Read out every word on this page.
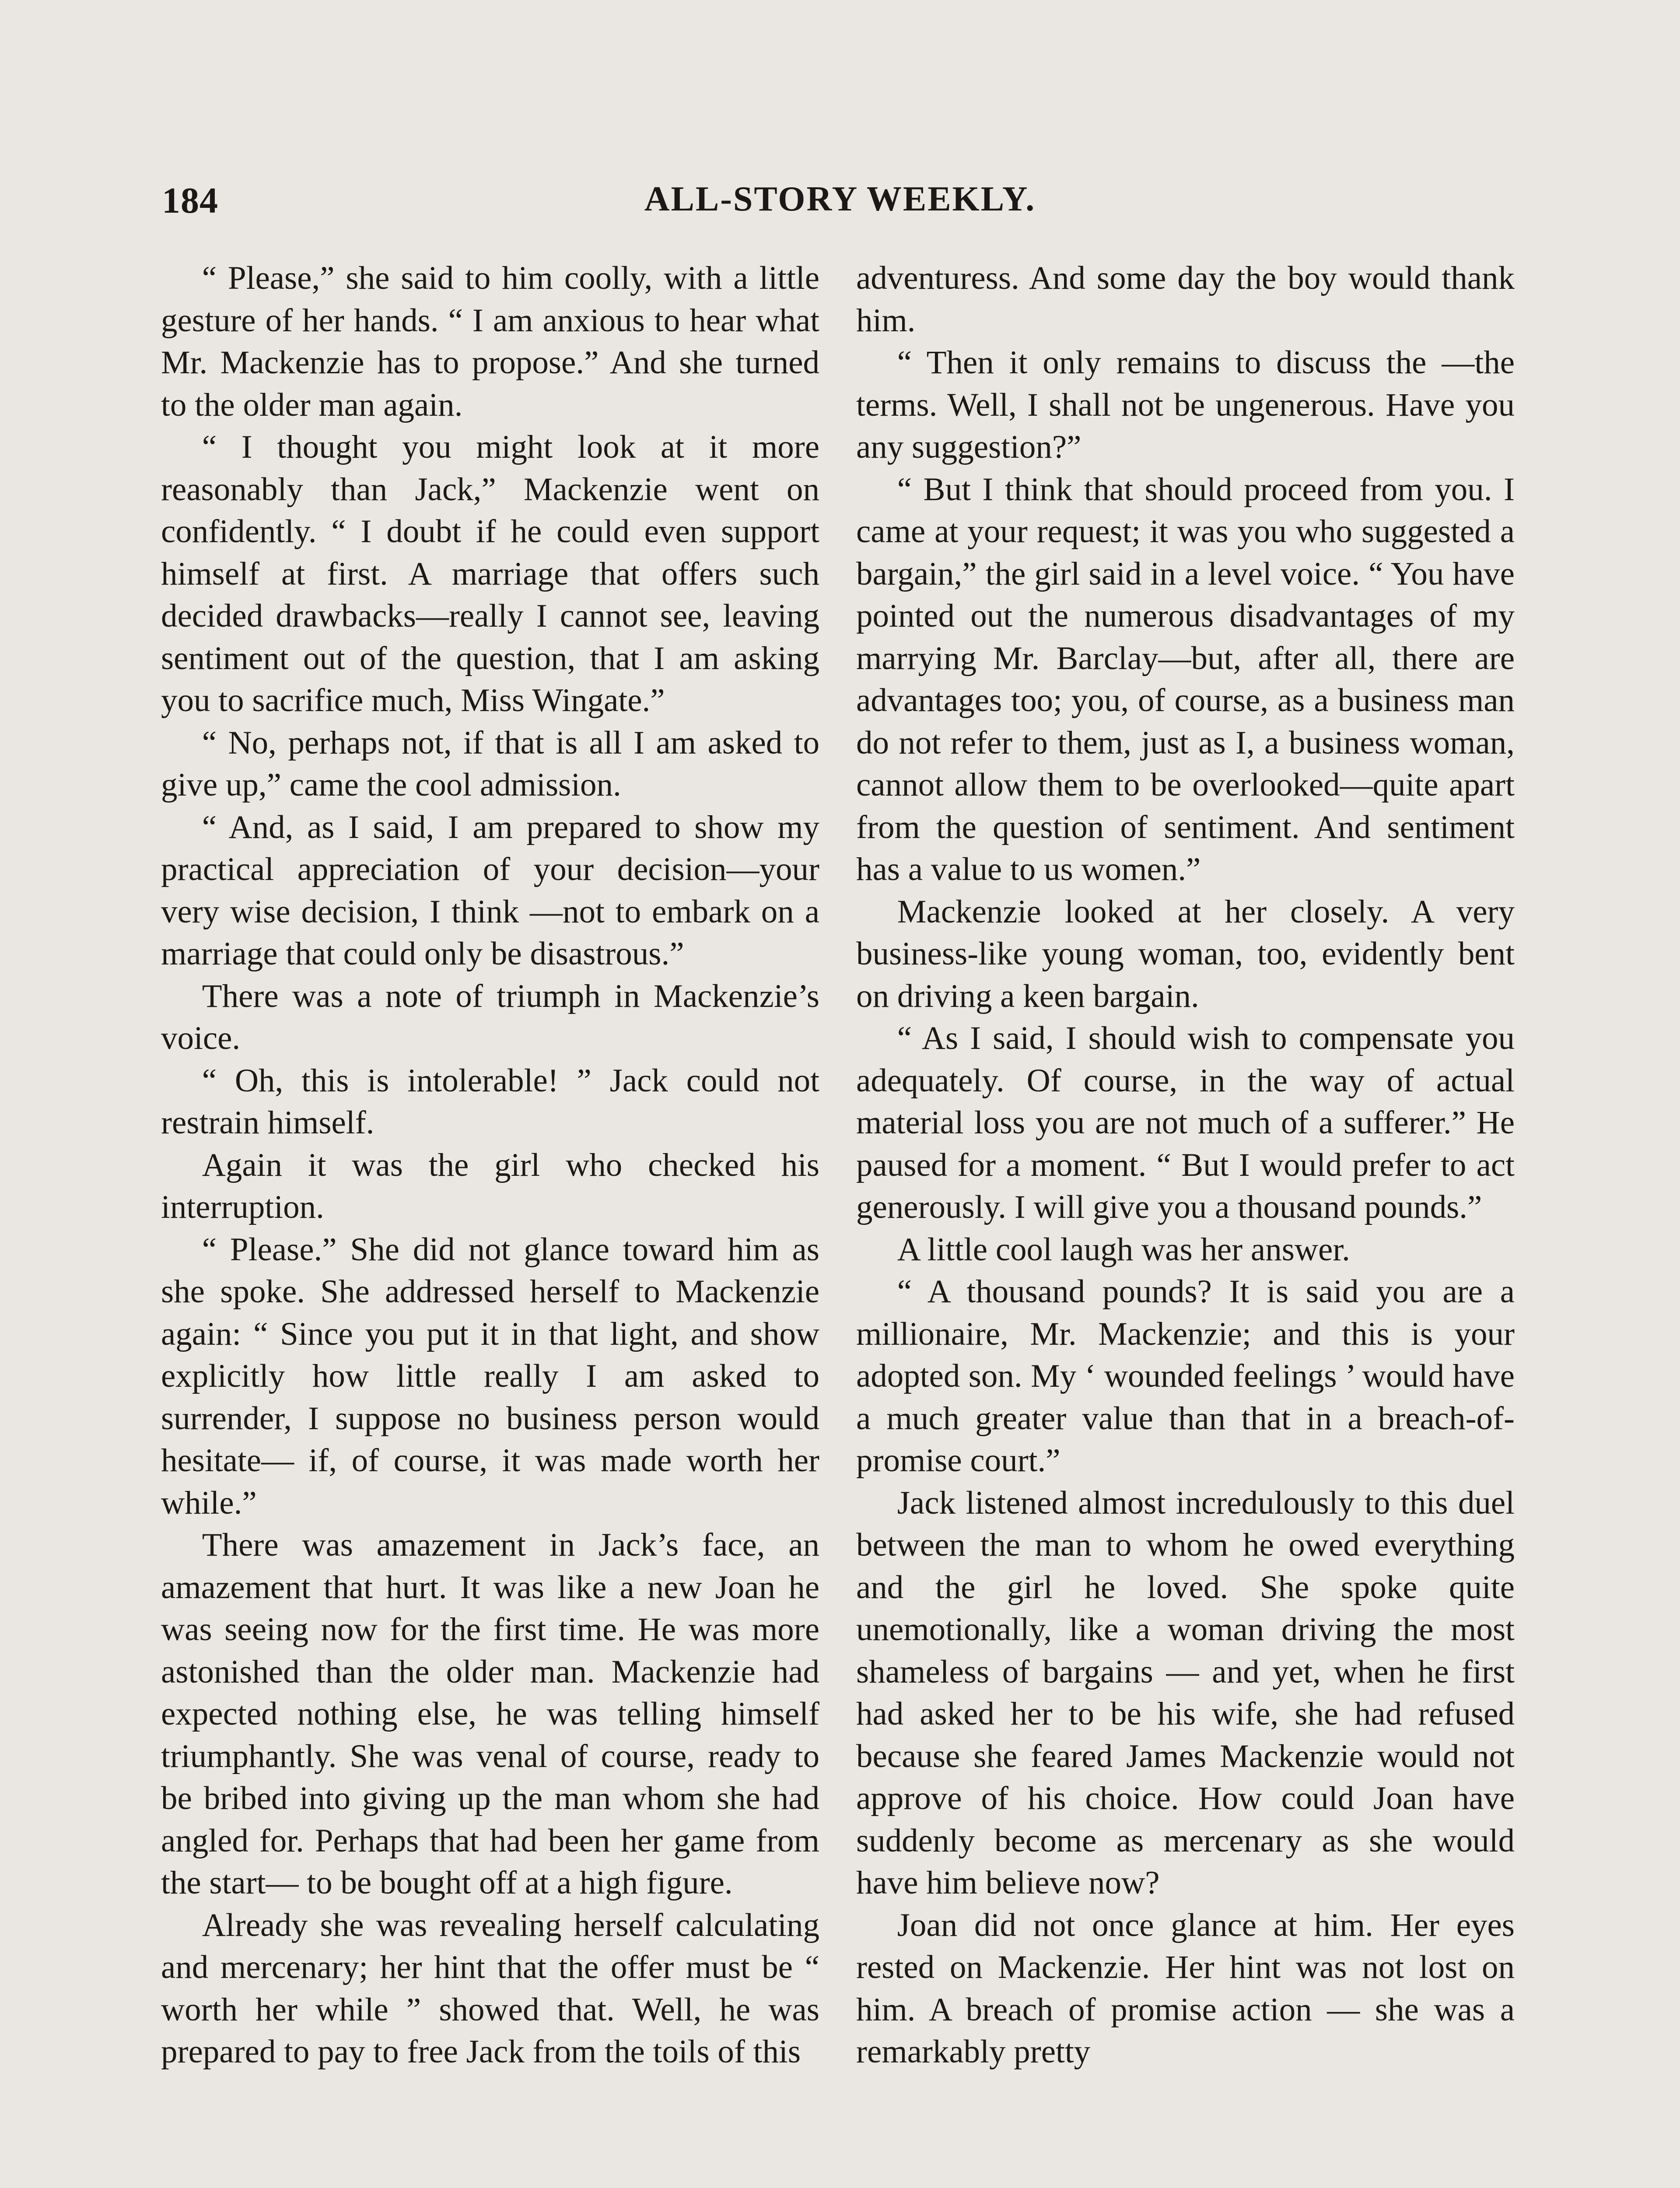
184	ALL-STORY WEEKLY.

“ Please,” she said to him coolly, with a little gesture of her hands. “ I am anxious to hear what Mr. Mackenzie has to propose.” And she turned to the older man again.

“ I thought you might look at it more reasonably than Jack,” Mackenzie went on confidently. “ I doubt if he could even support himself at first. A marriage that offers such decided drawbacks—really I cannot see, leaving sentiment out of the question, that I am asking you to sacrifice much, Miss Wingate.”

“ No, perhaps not, if that is all I am asked to give up,” came the cool admission.

“ And, as I said, I am prepared to show my practical appreciation of your decision—your very wise decision, I think —not to embark on a marriage that could only be disastrous.”

There was a note of triumph in Mackenzie’s voice.

“ Oh, this is intolerable! ” Jack could not restrain himself.

Again it was the girl who checked his interruption.

“ Please.” She did not glance toward him as she spoke. She addressed herself to Mackenzie again: “ Since you put it in that light, and show explicitly how little really I am asked to surrender, I suppose no business person would hesitate— if, of course, it was made worth her while.”

There was amazement in Jack’s face, an amazement that hurt. It was like a new Joan he was seeing now for the first time. He was more astonished than the older man. Mackenzie had expected nothing else, he was telling himself triumphantly. She was venal of course, ready to be bribed into giving up the man whom she had angled for. Perhaps that had been her game from the start— to be bought off at a high figure.

Already she was revealing herself calculating and mercenary; her hint that the offer must be “ worth her while ” showed that. Well, he was prepared to pay to free Jack from the toils of this

adventuress. And some day the boy would thank him.

“ Then it only remains to discuss the —the terms. Well, I shall not be ungenerous. Have you any suggestion?”

“ But I think that should proceed from you. I came at your request; it was you who suggested a bargain,” the girl said in a level voice. “ You have pointed out the numerous disadvantages of my marrying Mr. Barclay—but, after all, there are advantages too; you, of course, as a business man do not refer to them, just as I, a business woman, cannot allow them to be overlooked—quite apart from the question of sentiment. And sentiment has a value to us women.”

Mackenzie looked at her closely. A very business-like young woman, too, evidently bent on driving a keen bargain.

“ As I said, I should wish to compensate you adequately. Of course, in the way of actual material loss you are not much of a sufferer.” He paused for a moment. “ But I would prefer to act generously. I will give you a thousand pounds.”

A little cool laugh was her answer.

“ A thousand pounds? It is said you are a millionaire, Mr. Mackenzie; and this is your adopted son. My ‘ wounded feelings ’ would have a much greater value than that in a breach-of-promise court.”

Jack listened almost incredulously to this duel between the man to whom he owed everything and the girl he loved. She spoke quite unemotionally, like a woman driving the most shameless of bargains — and yet, when he first had asked her to be his wife, she had refused because she feared James Mackenzie would not approve of his choice. How could Joan have suddenly become as mercenary as she would have him believe now?

Joan did not once glance at him. Her eyes rested on Mackenzie. Her hint was not lost on him. A breach of promise action — she was a remarkably pretty
